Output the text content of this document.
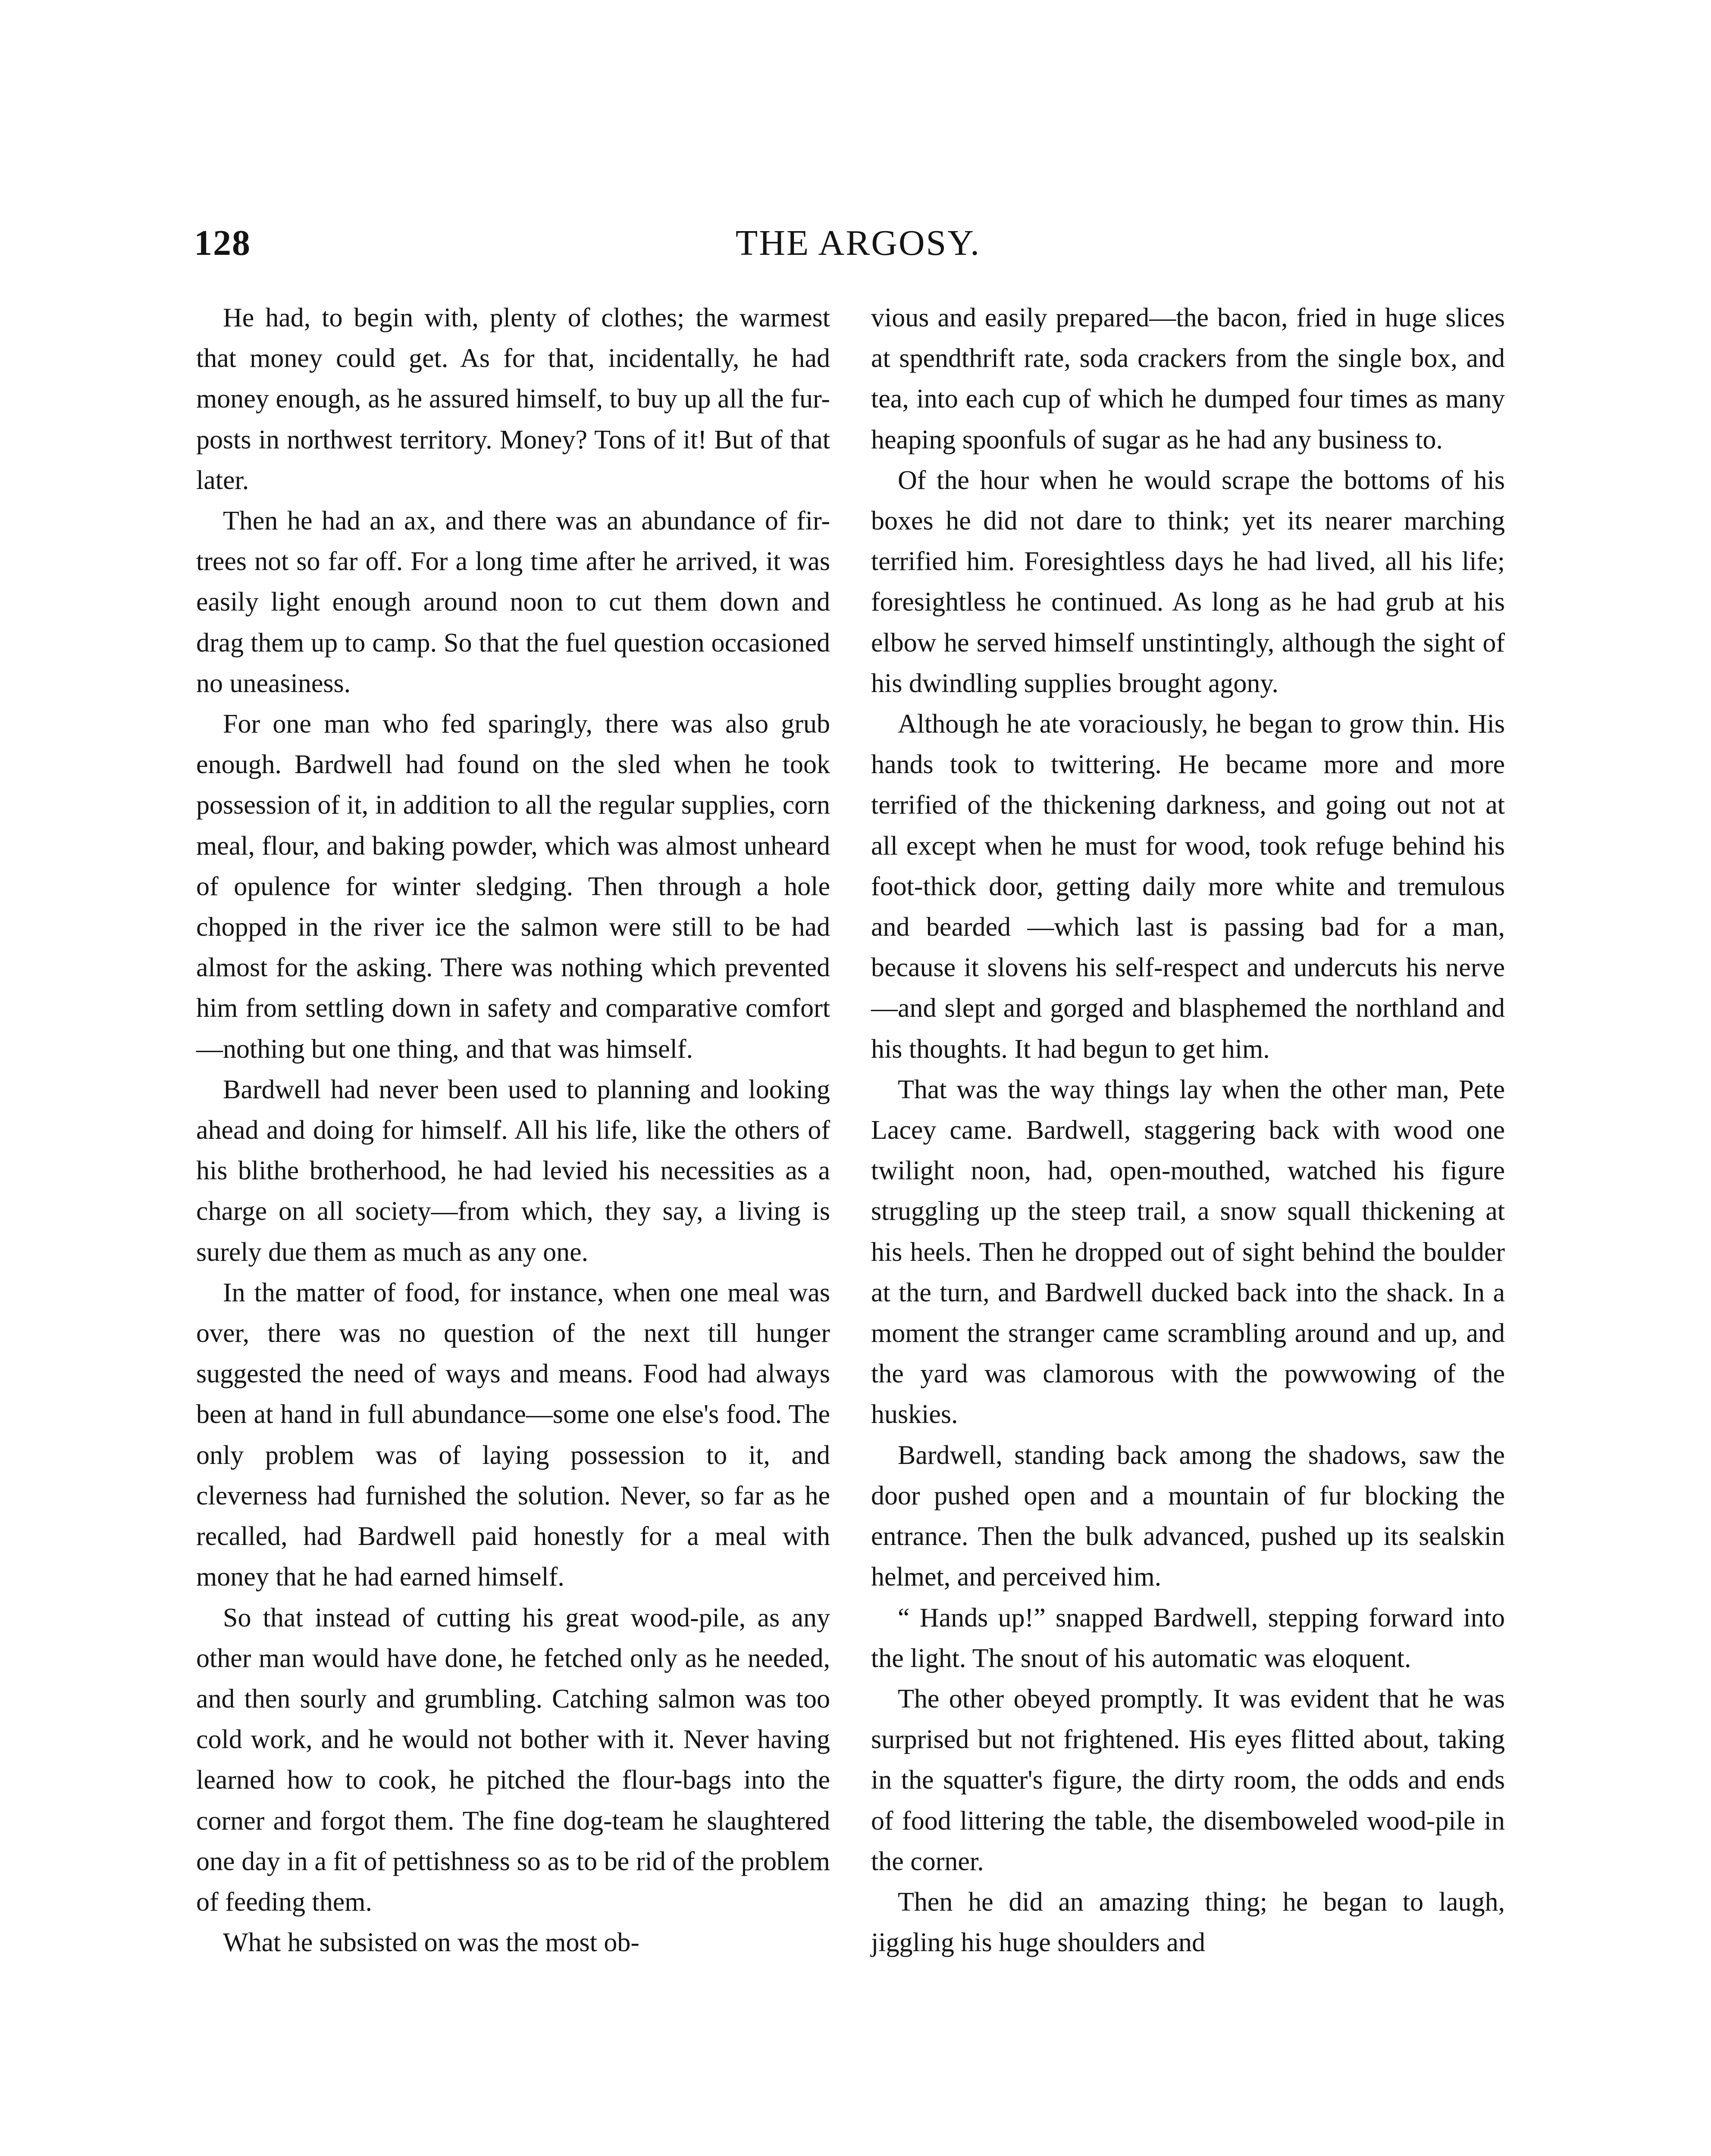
128	THE ARGOSY.

He had, to begin with, plenty of clothes; the warmest that money could get. As for that, incidentally, he had money enough, as he assured himself, to buy up all the fur-posts in northwest territory. Money? Tons of it! But of that later.

Then he had an ax, and there was an abundance of fir-trees not so far off. For a long time after he arrived, it was easily light enough around noon to cut them down and drag them up to camp. So that the fuel question occasioned no uneasiness.

For one man who fed sparingly, there was also grub enough. Bardwell had found on the sled when he took possession of it, in addition to all the regular supplies, corn meal, flour, and baking powder, which was almost unheard of opulence for winter sledging. Then through a hole chopped in the river ice the salmon were still to be had almost for the asking. There was nothing which prevented him from settling down in safety and comparative comfort—nothing but one thing, and that was himself.

Bardwell had never been used to planning and looking ahead and doing for himself. All his life, like the others of his blithe brotherhood, he had levied his necessities as a charge on all society—from which, they say, a living is surely due them as much as any one.

In the matter of food, for instance, when one meal was over, there was no question of the next till hunger suggested the need of ways and means. Food had always been at hand in full abundance—some one else's food. The only problem was of laying possession to it, and cleverness had furnished the solution. Never, so far as he recalled, had Bardwell paid honestly for a meal with money that he had earned himself.

So that instead of cutting his great wood-pile, as any other man would have done, he fetched only as he needed, and then sourly and grumbling. Catching salmon was too cold work, and he would not bother with it. Never having learned how to cook, he pitched the flour-bags into the corner and forgot them. The fine dog-team he slaughtered one day in a fit of pettishness so as to be rid of the problem of feeding them.

What he subsisted on was the most ob-

vious and easily prepared—the bacon, fried in huge slices at spendthrift rate, soda crackers from the single box, and tea, into each cup of which he dumped four times as many heaping spoonfuls of sugar as he had any business to.

Of the hour when he would scrape the bottoms of his boxes he did not dare to think; yet its nearer marching terrified him. Foresightless days he had lived, all his life; foresightless he continued. As long as he had grub at his elbow he served himself unstintingly, although the sight of his dwindling supplies brought agony.

Although he ate voraciously, he began to grow thin. His hands took to twittering. He became more and more terrified of the thickening darkness, and going out not at all except when he must for wood, took refuge behind his foot-thick door, getting daily more white and tremulous and bearded —which last is passing bad for a man, because it slovens his self-respect and undercuts his nerve—and slept and gorged and blasphemed the northland and his thoughts. It had begun to get him.

That was the way things lay when the other man, Pete Lacey came. Bardwell, staggering back with wood one twilight noon, had, open-mouthed, watched his figure struggling up the steep trail, a snow squall thickening at his heels. Then he dropped out of sight behind the boulder at the turn, and Bardwell ducked back into the shack. In a moment the stranger came scrambling around and up, and the yard was clamorous with the powwowing of the huskies.

Bardwell, standing back among the shadows, saw the door pushed open and a mountain of fur blocking the entrance. Then the bulk advanced, pushed up its sealskin helmet, and perceived him.

“ Hands up!” snapped Bardwell, stepping forward into the light. The snout of his automatic was eloquent.

The other obeyed promptly. It was evident that he was surprised but not frightened. His eyes flitted about, taking in the squatter's figure, the dirty room, the odds and ends of food littering the table, the disemboweled wood-pile in the corner.

Then he did an amazing thing; he began to laugh, jiggling his huge shoulders and
